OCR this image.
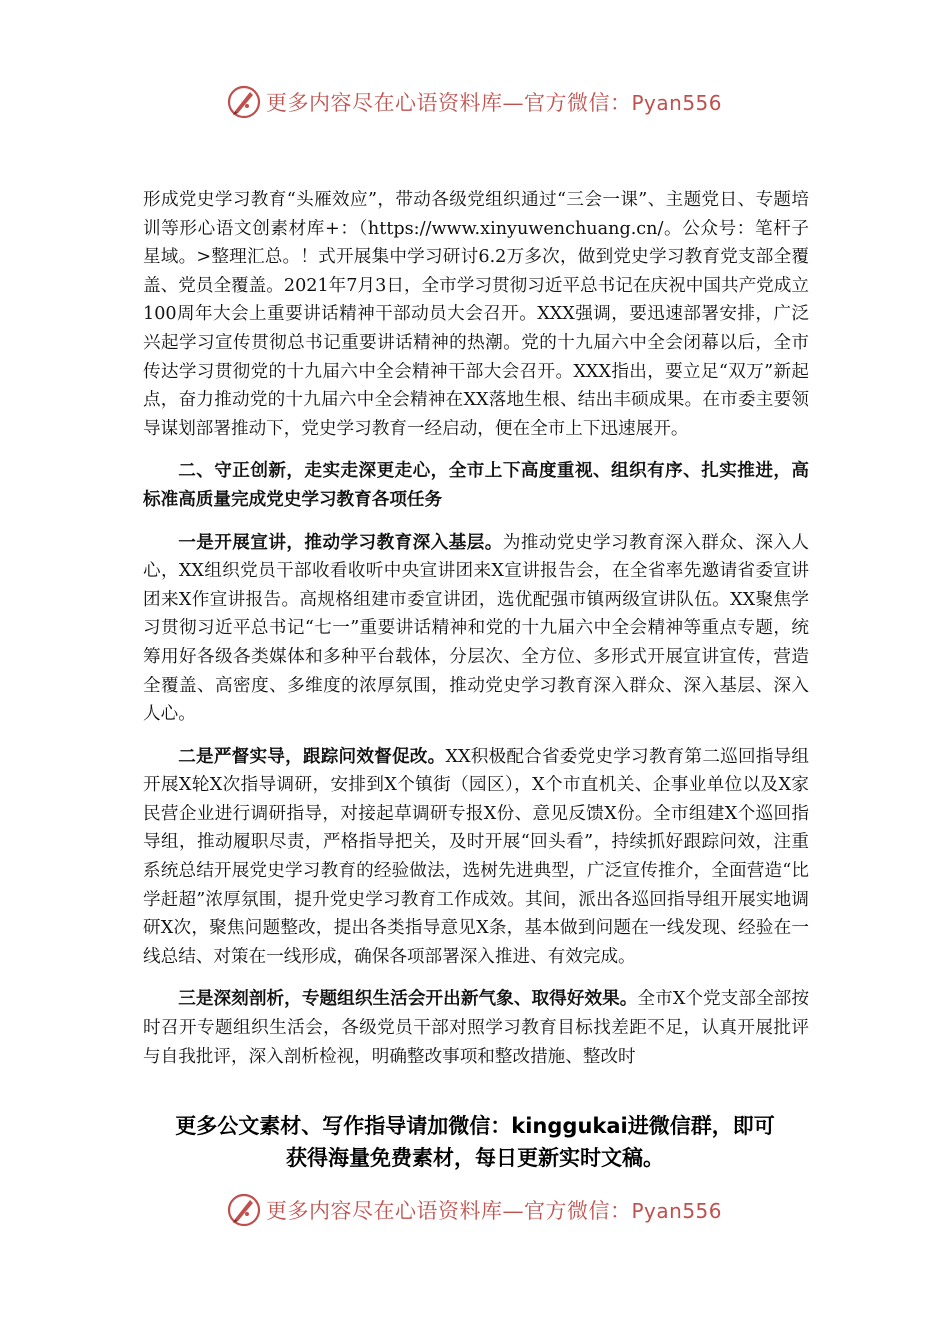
更多内容尽在心语资料库—官方微信：Pyan556

形成党史学习教育“头雁效应”，带动各级党组织通过“三会一课”、主题党日、专题培训等形心语文创素材库+：（https://www.xinyuwenchuang.cn/。公众号：笔杆子星域。>整理汇总。！式开展集中学习研讨6.2万多次，做到党史学习教育党支部全覆盖、党员全覆盖。2021年7月3日，全市学习贯彻习近平总书记在庆祝中国共产党成立100周年大会上重要讲话精神干部动员大会召开。XXX强调，要迅速部署安排，广泛兴起学习宣传贯彻总书记重要讲话精神的热潮。党的十九届六中全会闭幕以后，全市传达学习贯彻党的十九届六中全会精神干部大会召开。XXX指出，要立足“双万”新起点，奋力推动党的十九届六中全会精神在XX落地生根、结出丰硕成果。在市委主要领导谋划部署推动下，党史学习教育一经启动，便在全市上下迅速展开。

二、守正创新，走实走深更走心，全市上下高度重视、组织有序、扎实推进，高标准高质量完成党史学习教育各项任务

一是开展宣讲，推动学习教育深入基层。为推动党史学习教育深入群众、深入人心，XX组织党员干部收看收听中央宣讲团来X宣讲报告会，在全省率先邀请省委宣讲团来X作宣讲报告。高规格组建市委宣讲团，选优配强市镇两级宣讲队伍。XX聚焦学习贯彻习近平总书记“七一”重要讲话精神和党的十九届六中全会精神等重点专题，统筹用好各级各类媒体和多种平台载体，分层次、全方位、多形式开展宣讲宣传，营造全覆盖、高密度、多维度的浓厚氛围，推动党史学习教育深入群众、深入基层、深入人心。

二是严督实导，跟踪问效督促改。XX积极配合省委党史学习教育第二巡回指导组开展X轮X次指导调研，安排到X个镇街（园区），X个市直机关、企事业单位以及X家民营企业进行调研指导，对接起草调研专报X份、意见反馈X份。全市组建X个巡回指导组，推动履职尽责，严格指导把关，及时开展“回头看”，持续抓好跟踪问效，注重系统总结开展党史学习教育的经验做法，选树先进典型，广泛宣传推介，全面营造“比学赶超”浓厚氛围，提升党史学习教育工作成效。其间，派出各巡回指导组开展实地调研X次，聚焦问题整改，提出各类指导意见X条，基本做到问题在一线发现、经验在一线总结、对策在一线形成，确保各项部署深入推进、有效完成。

三是深刻剖析，专题组织生活会开出新气象、取得好效果。全市X个党支部全部按时召开专题组织生活会，各级党员干部对照学习教育目标找差距不足，认真开展批评与自我批评，深入剖析检视，明确整改事项和整改措施、整改时

更多公文素材、写作指导请加微信：kinggukai进微信群，即可
获得海量免费素材，每日更新实时文稿。
更多内容尽在心语资料库—官方微信：Pyan556
